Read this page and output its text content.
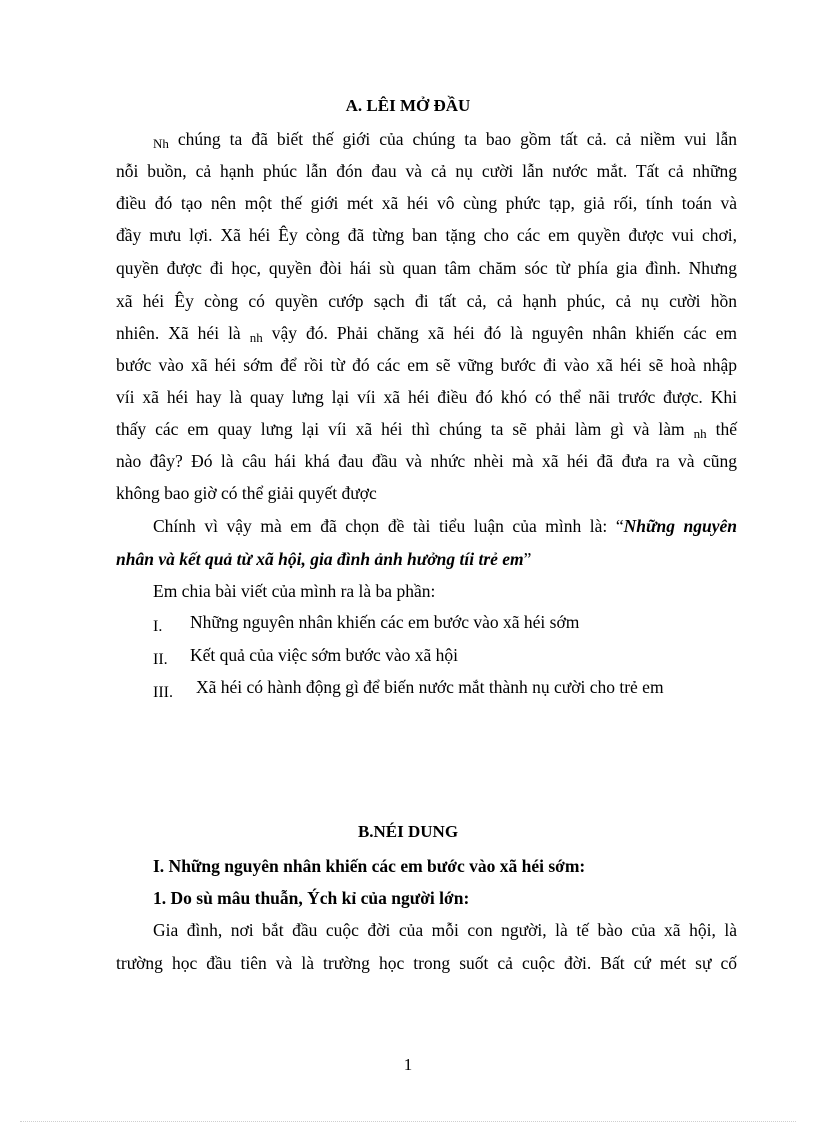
A. LÊI MỞ ĐẦU
Nh chúng ta đã biết thế giới của chúng ta bao gồm tất cả. cả niềm vui lẫn
nỗi buồn, cả hạnh phúc lẫn đón đau và cả nụ cười lẫn nước mắt. Tất cả những
điều đó tạo nên một thế giới mét xã héi vô cùng phức tạp, giả rối, tính toán và
đầy mưu lợi. Xã héi Êy còng đã từng ban tặng cho các em quyền được vui chơi,
quyền được đi học, quyền đòi hái sù quan tâm chăm sóc từ phía gia đình. Nhưng
xã héi Êy còng có quyền cướp sạch đi tất cả, cả hạnh phúc, cả nụ cười hồn
nhiên. Xã héi là nh vậy đó. Phải chăng xã héi đó là nguyên nhân khiến các em
bước vào xã héi sớm để rồi từ đó các em sẽ vững bước đi vào xã héi sẽ hoà nhập
víi xã héi hay là quay lưng lại víi xã héi điều đó khó có thể nãi trước được. Khi
thấy các em quay lưng lại víi xã héi thì chúng ta sẽ phải làm gì và làm nh thế
nào đây? Đó là câu hái khá đau đầu và nhức nhèi mà xã héi đã đưa ra và cũng
không bao giờ có thể giải quyết được
Chính vì vậy mà em đã chọn đề tài tiểu luận của mình là: “Những nguyên
nhân và kết quả từ xã hội, gia đình ảnh hưởng tíi trẻ em”
Em chia bài viết của mình ra là ba phần:
I. Những nguyên nhân khiến các em bước vào xã héi sớm
II. Kết quả của việc sớm bước vào xã hội
III. Xã héi có hành động gì để biến nước mắt thành nụ cười cho trẻ em
B.NÉI DUNG
I. Những nguyên nhân khiến các em bước vào xã héi sớm:
1. Do sù mâu thuẫn, Ých kỉ của người lớn:
Gia đình, nơi bắt đầu cuộc đời của mỗi con người, là tế bào của xã hội, là
trường học đầu tiên và là trường học trong suốt cả cuộc đời. Bất cứ mét sự cố
1
